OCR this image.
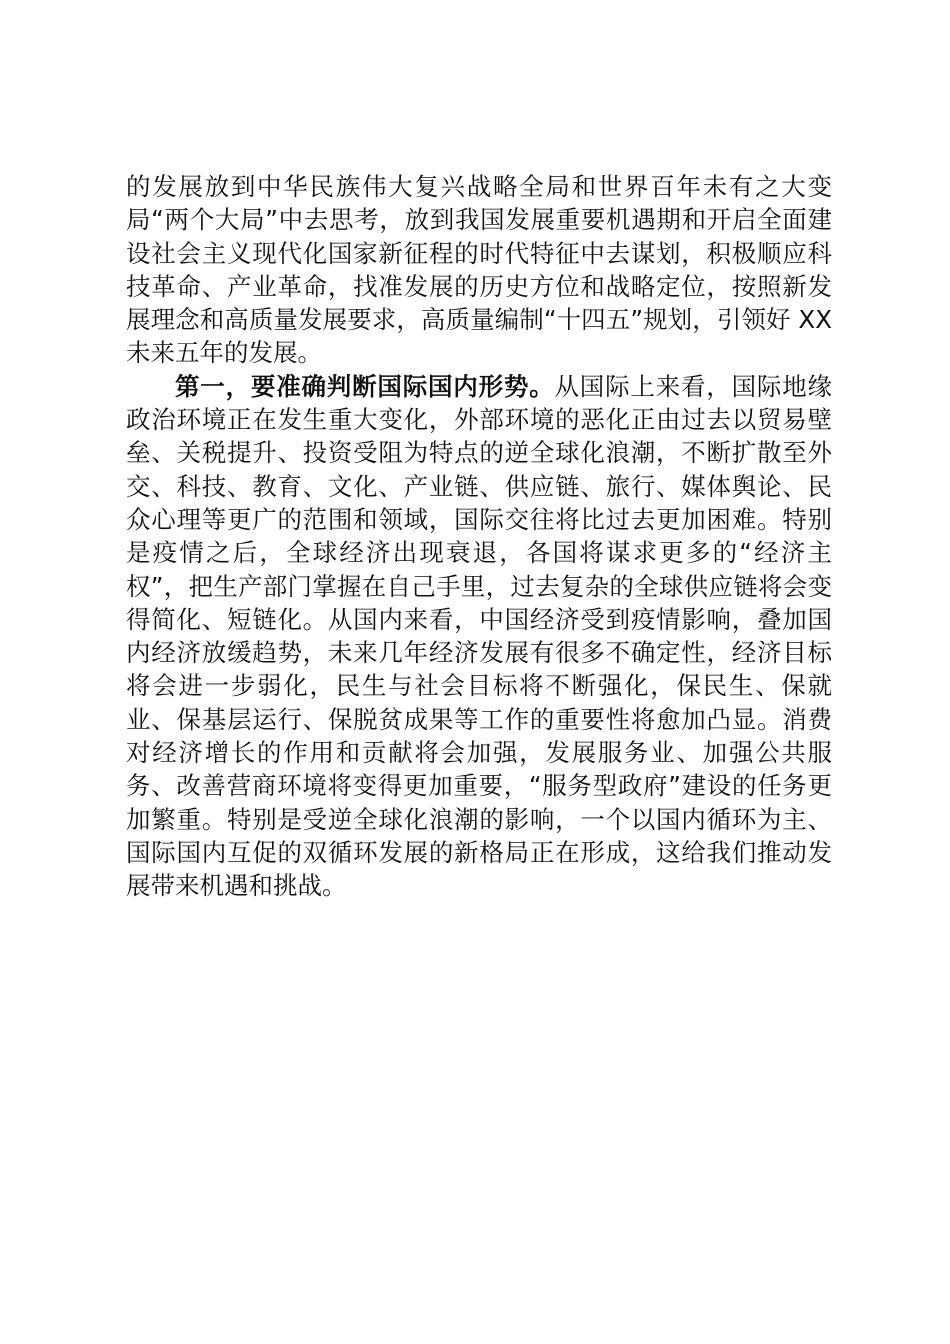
的发展放到中华民族伟大复兴战略全局和世界百年未有之大变局“两个大局”中去思考，放到我国发展重要机遇期和开启全面建设社会主义现代化国家新征程的时代特征中去谋划，积极顺应科技革命、产业革命，找准发展的历史方位和战略定位，按照新发展理念和高质量发展要求，高质量编制“十四五”规划，引领好 XX 未来五年的发展。

第一，要准确判断国际国内形势。从国际上来看，国际地缘政治环境正在发生重大变化，外部环境的恶化正由过去以贸易壁垒、关税提升、投资受阻为特点的逆全球化浪潮，不断扩散至外交、科技、教育、文化、产业链、供应链、旅行、媒体舆论、民众心理等更广的范围和领域，国际交往将比过去更加困难。特别是疫情之后，全球经济出现衰退，各国将谋求更多的“经济主权”，把生产部门掌握在自己手里，过去复杂的全球供应链将会变得简化、短链化。从国内来看，中国经济受到疫情影响，叠加国内经济放缓趋势，未来几年经济发展有很多不确定性，经济目标将会进一步弱化，民生与社会目标将不断强化，保民生、保就业、保基层运行、保脱贫成果等工作的重要性将愈加凸显。消费对经济增长的作用和贡献将会加强，发展服务业、加强公共服务、改善营商环境将变得更加重要，“服务型政府”建设的任务更加繁重。特别是受逆全球化浪潮的影响，一个以国内循环为主、国际国内互促的双循环发展的新格局正在形成，这给我们推动发展带来机遇和挑战。
